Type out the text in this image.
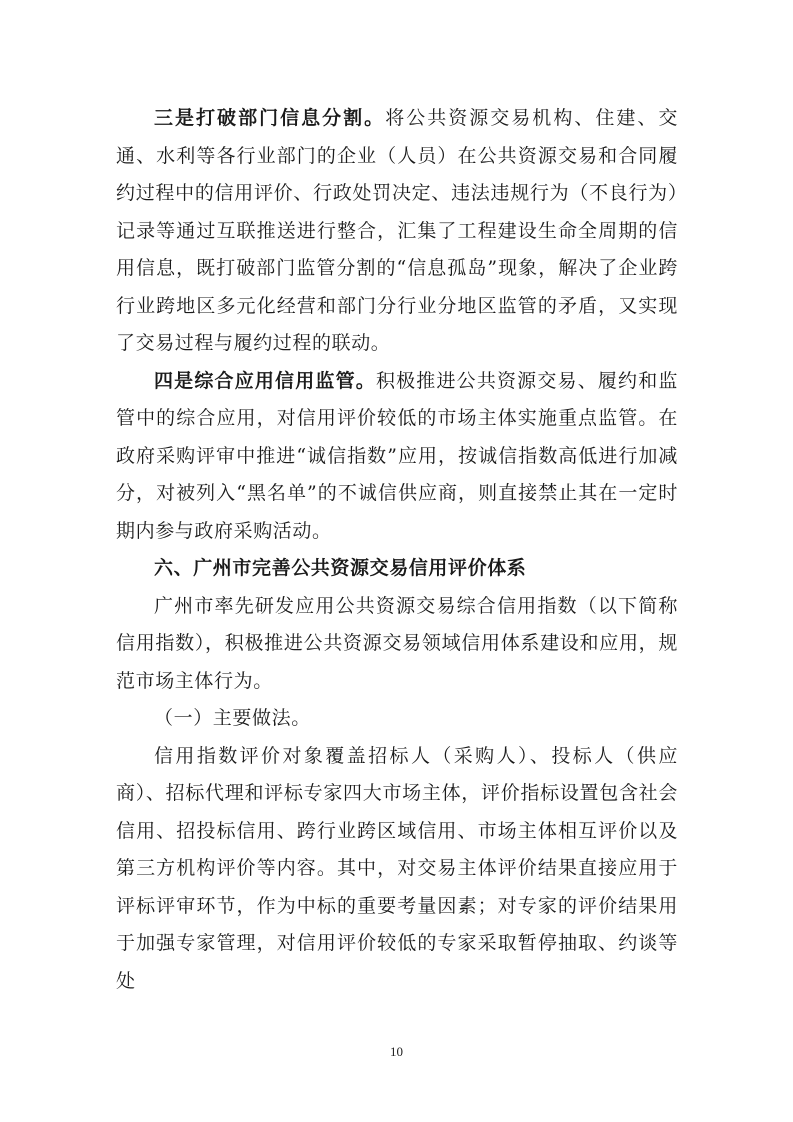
三是打破部门信息分割。将公共资源交易机构、住建、交通、水利等各行业部门的企业（人员）在公共资源交易和合同履约过程中的信用评价、行政处罚决定、违法违规行为（不良行为）记录等通过互联推送进行整合，汇集了工程建设生命全周期的信用信息，既打破部门监管分割的“信息孤岛”现象，解决了企业跨行业跨地区多元化经营和部门分行业分地区监管的矛盾，又实现了交易过程与履约过程的联动。

四是综合应用信用监管。积极推进公共资源交易、履约和监管中的综合应用，对信用评价较低的市场主体实施重点监管。在政府采购评审中推进“诚信指数”应用，按诚信指数高低进行加减分，对被列入“黑名单”的不诚信供应商，则直接禁止其在一定时期内参与政府采购活动。

六、广州市完善公共资源交易信用评价体系

广州市率先研发应用公共资源交易综合信用指数（以下简称信用指数），积极推进公共资源交易领域信用体系建设和应用，规范市场主体行为。

（一）主要做法。

信用指数评价对象覆盖招标人（采购人）、投标人（供应商）、招标代理和评标专家四大市场主体，评价指标设置包含社会信用、招投标信用、跨行业跨区域信用、市场主体相互评价以及第三方机构评价等内容。其中，对交易主体评价结果直接应用于评标评审环节，作为中标的重要考量因素；对专家的评价结果用于加强专家管理，对信用评价较低的专家采取暂停抽取、约谈等处

10
